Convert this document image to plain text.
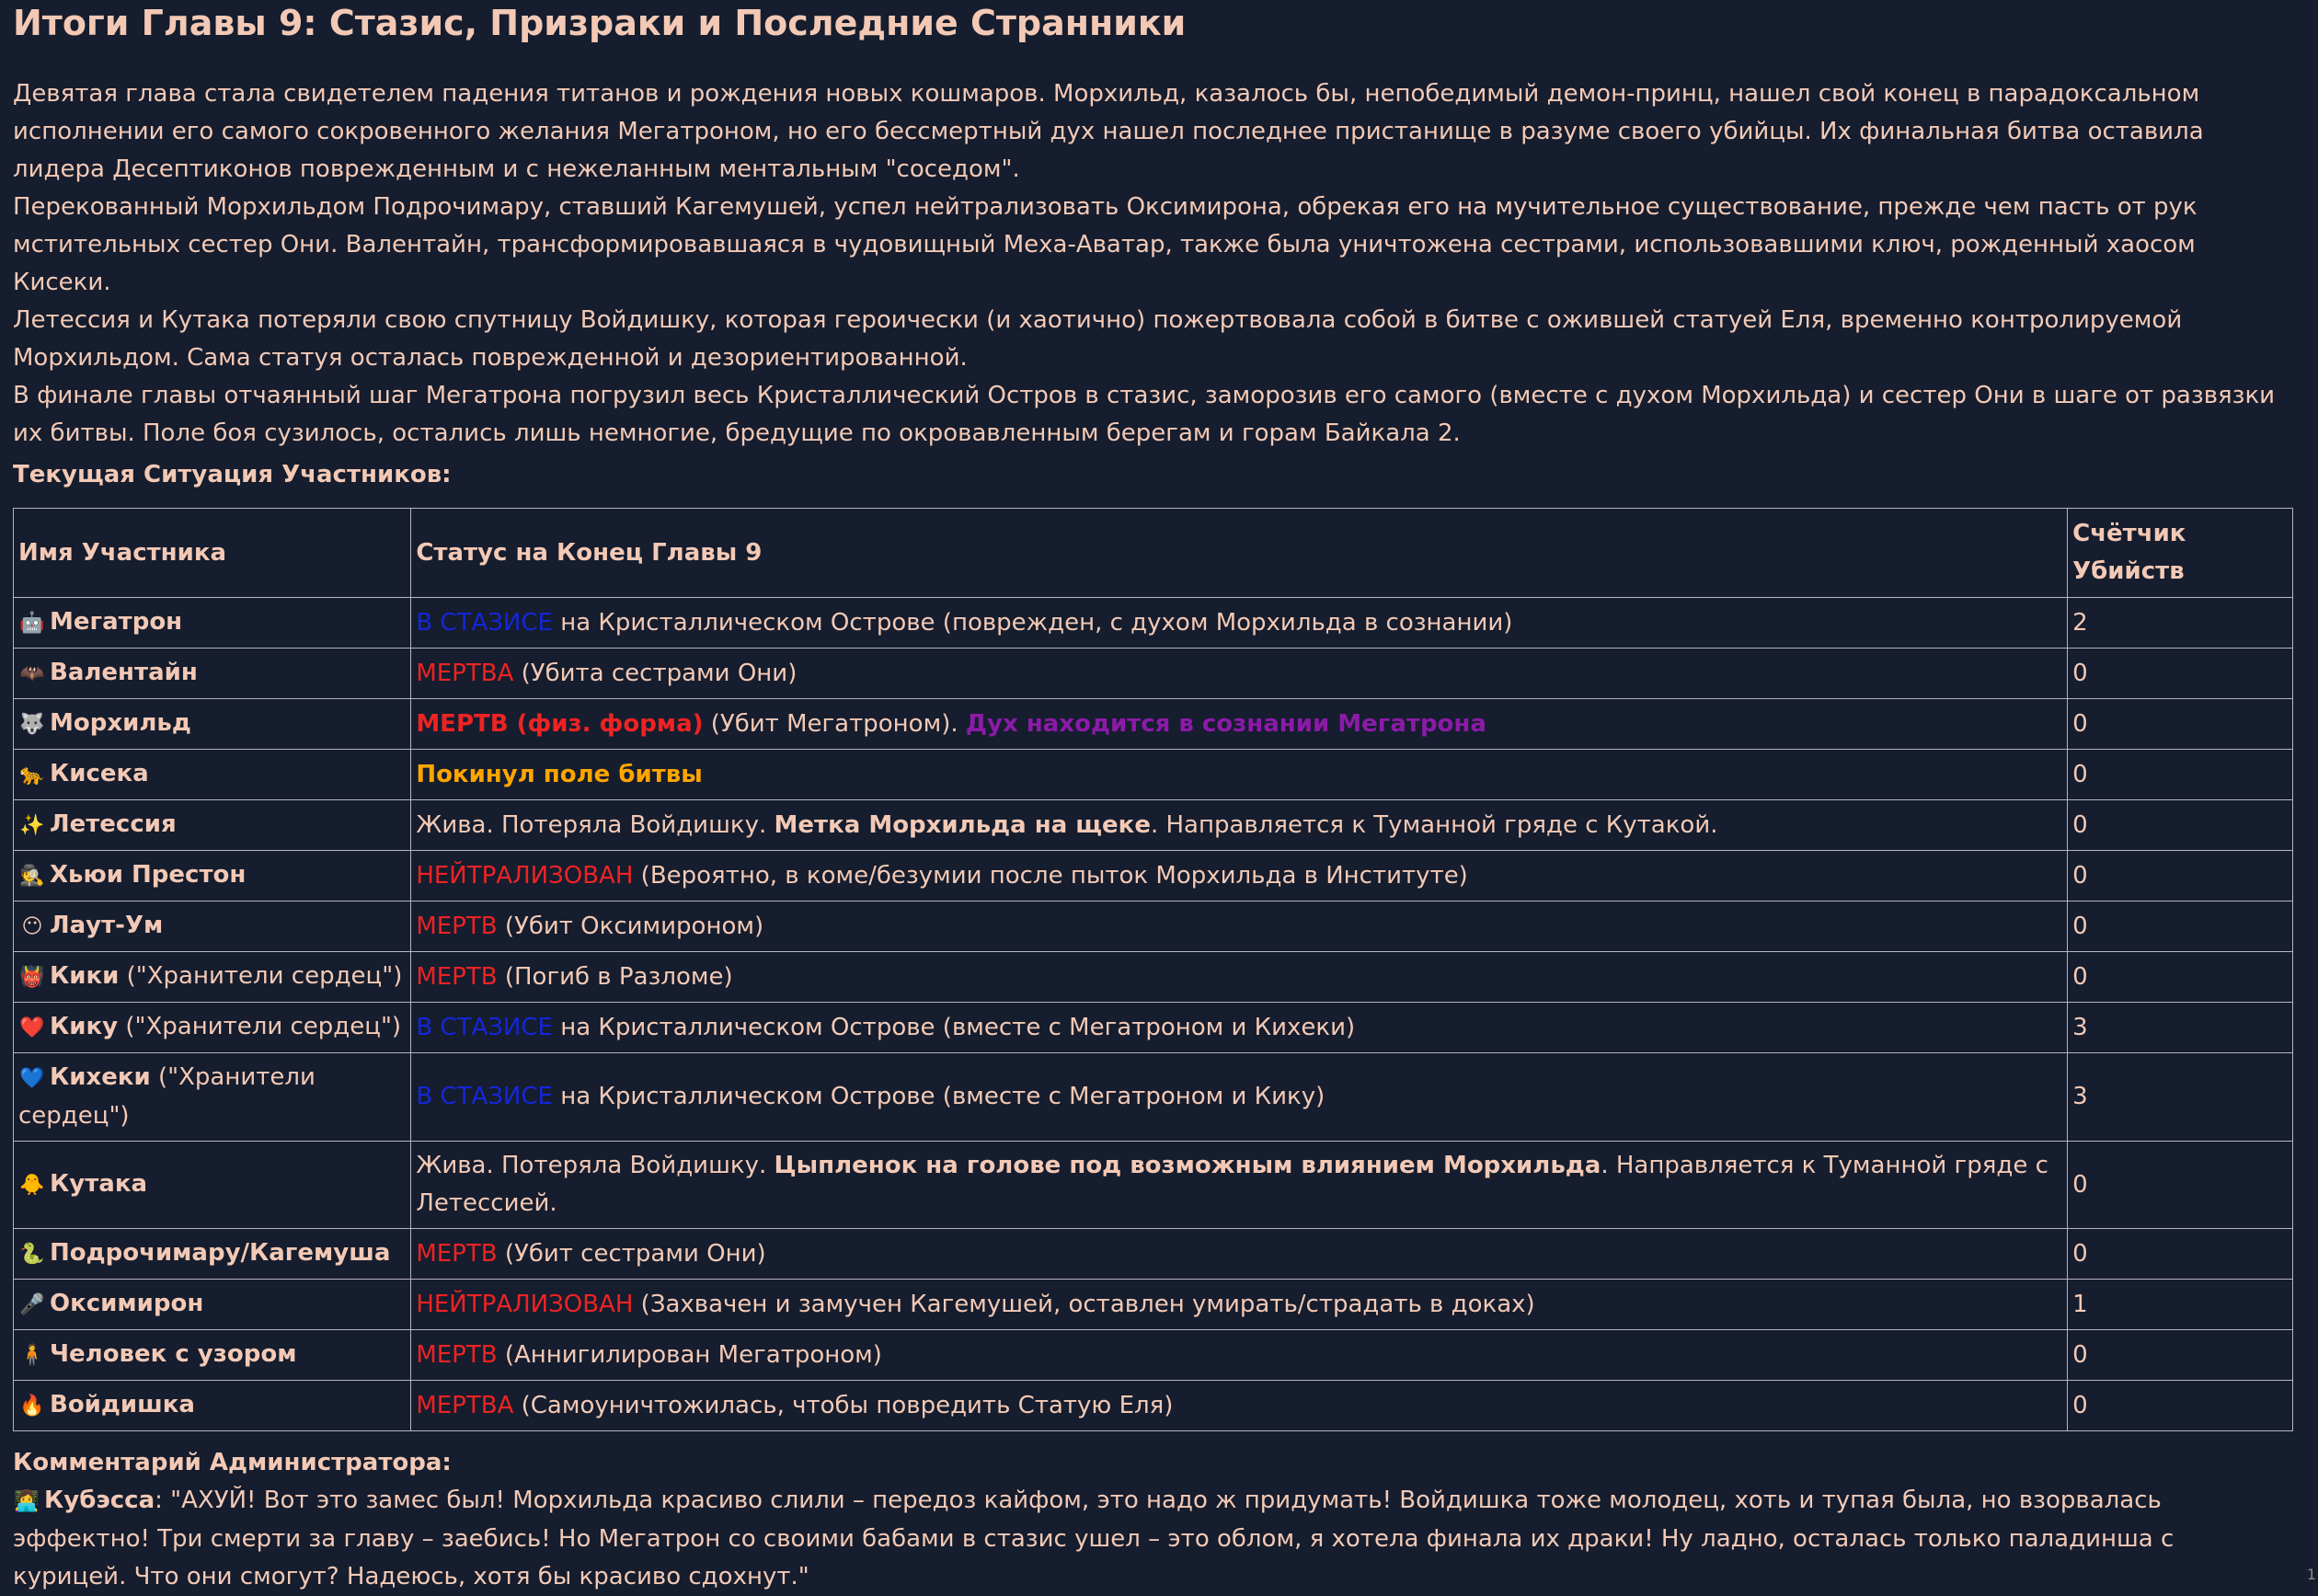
Итоги Главы 9: Стазис, Призраки и Последние Странники

Девятая глава стала свидетелем падения титанов и рождения новых кошмаров. Морхильд, казалось бы, непобедимый демон-принц, нашел свой конец в парадоксальном исполнении его самого сокровенного желания Мегатроном, но его бессмертный дух нашел последнее пристанище в разуме своего убийцы. Их финальная битва оставила лидера Десептиконов поврежденным и с нежеланным ментальным "соседом".

Перекованный Морхильдом Подрочимару, ставший Кагемушей, успел нейтрализовать Оксимирона, обрекая его на мучительное существование, прежде чем пасть от рук мстительных сестер Они. Валентайн, трансформировавшаяся в чудовищный Меха-Аватар, также была уничтожена сестрами, использовавшими ключ, рожденный хаосом Кисеки.

Летессия и Кутака потеряли свою спутницу Войдишку, которая героически (и хаотично) пожертвовала собой в битве с ожившей статуей Еля, временно контролируемой Морхильдом. Сама статуя осталась поврежденной и дезориентированной.

В финале главы отчаянный шаг Мегатрона погрузил весь Кристаллический Остров в стазис, заморозив его самого (вместе с духом Морхильда) и сестер Они в шаге от развязки их битвы. Поле боя сузилось, остались лишь немногие, бредущие по окровавленным берегам и горам Байкала 2.

Текущая Ситуация Участников:
Имя Участника	Статус на Конец Главы 9	Счётчик Убийств
🤖 Мегатрон	В СТАЗИСЕ на Кристаллическом Острове (поврежден, с духом Морхильда в сознании)	2
🦇 Валентайн	МЕРТВА (Убита сестрами Они)	0
🐺 Морхильд	МЕРТВ (физ. форма) (Убит Мегатроном). Дух находится в сознании Мегатрона	0
🐆 Кисека	Покинул поле битвы	0
✨ Летессия	Жива. Потеряла Войдишку. Метка Морхильда на щеке. Направляется к Туманной гряде с Кутакой.	0
🕵 Хьюи Престон	НЕЙТРАЛИЗОВАН (Вероятно, в коме/безумии после пыток Морхильда в Институте)	0
😶 Лаут-Ум	МЕРТВ (Убит Оксимироном)	0
👹 Кики ("Хранители сердец")	МЕРТВ (Погиб в Разломе)	0
❤️ Кику ("Хранители сердец")	В СТАЗИСЕ на Кристаллическом Острове (вместе с Мегатроном и Кихеки)	3
💙 Кихеки ("Хранители сердец")	В СТАЗИСЕ на Кристаллическом Острове (вместе с Мегатроном и Кику)	3
🐥 Кутака	Жива. Потеряла Войдишку. Цыпленок на голове под возможным влиянием Морхильда. Направляется к Туманной гряде с Летессией.	0
🐍 Подрочимару/Кагемуша	МЕРТВ (Убит сестрами Они)	0
🎤 Оксимирон	НЕЙТРАЛИЗОВАН (Захвачен и замучен Кагемушей, оставлен умирать/страдать в доках)	1
🧍 Человек с узором	МЕРТВ (Аннигилирован Мегатроном)	0
🔥 Войдишка	МЕРТВА (Самоуничтожилась, чтобы повредить Статую Еля)	0
Комментарий Администратора:

👩‍💻 Кубэсса: "АХУЙ! Вот это замес был! Морхильда красиво слили – передоз кайфом, это надо ж придумать! Войдишка тоже молодец, хоть и тупая была, но взорвалась эффектно! Три смерти за главу – заебись! Но Мегатрон со своими бабами в стазис ушел – это облом, я хотела финала их драки! Ну ладно, осталась только паладинша с курицей. Что они смогут? Надеюсь, хотя бы красиво сдохнут."	1
